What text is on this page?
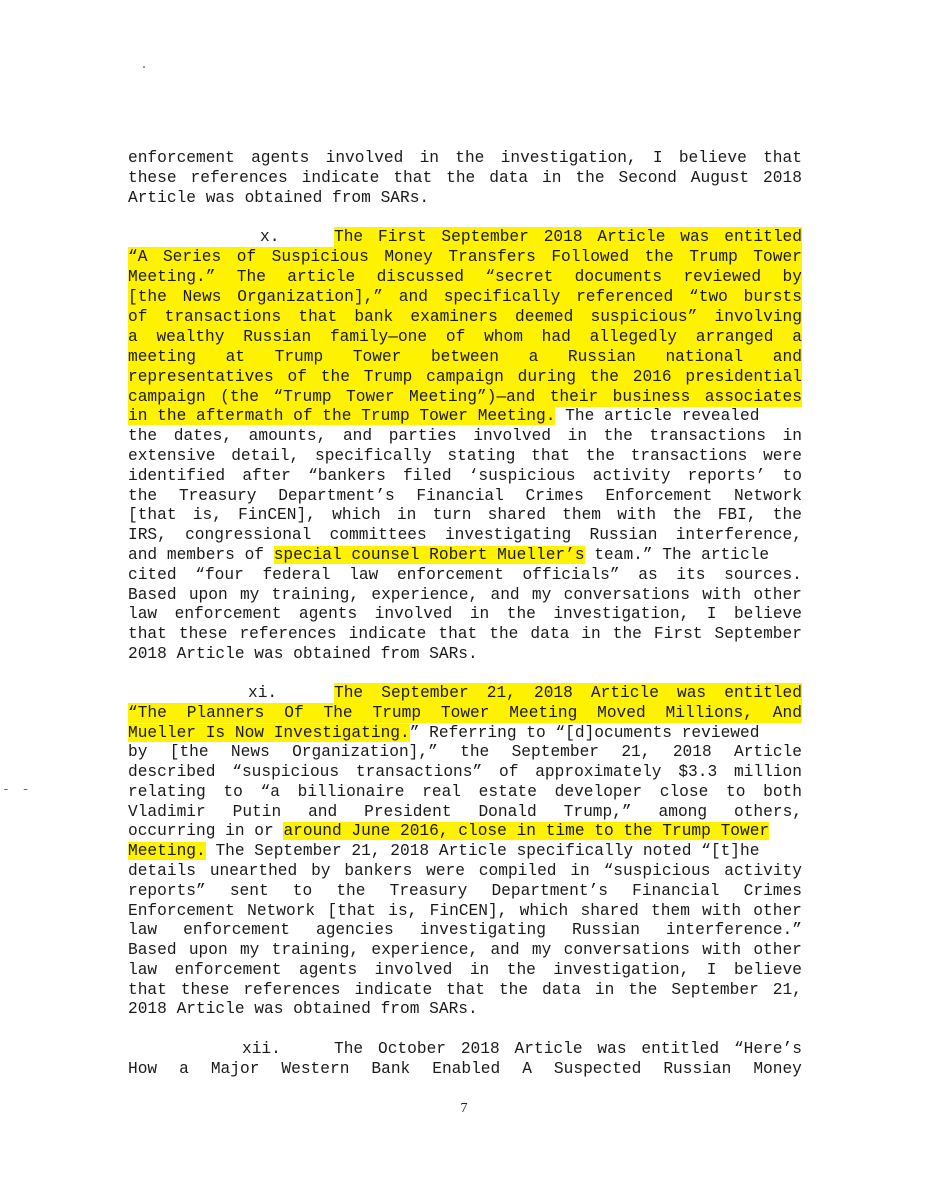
- -
enforcement agents involved in the investigation, I believe that
these references indicate that the data in the Second August 2018
Article was obtained from SARs.
x.	The First September 2018 Article was entitled
“A Series of Suspicious Money Transfers Followed the Trump Tower
Meeting.” The article discussed “secret documents reviewed by
[the News Organization],” and specifically referenced “two bursts
of transactions that bank examiners deemed suspicious” involving
a wealthy Russian family—one of whom had allegedly arranged a
meeting at Trump Tower between a Russian national and
representatives of the Trump campaign during the 2016 presidential
campaign (the “Trump Tower Meeting”)—and their business associates
in the aftermath of the Trump Tower Meeting. The article revealed
the dates, amounts, and parties involved in the transactions in
extensive detail, specifically stating that the transactions were
identified after “bankers filed ‘suspicious activity reports’ to
the Treasury Department’s Financial Crimes Enforcement Network
[that is, FinCEN], which in turn shared them with the FBI, the
IRS, congressional committees investigating Russian interference,
and members of special counsel Robert Mueller’s team.” The article
cited “four federal law enforcement officials” as its sources.
Based upon my training, experience, and my conversations with other
law enforcement agents involved in the investigation, I believe
that these references indicate that the data in the First September
2018 Article was obtained from SARs.
xi.	The September 21, 2018 Article was entitled
“The Planners Of The Trump Tower Meeting Moved Millions, And
Mueller Is Now Investigating.” Referring to “[d]ocuments reviewed
by [the News Organization],” the September 21, 2018 Article
described “suspicious transactions” of approximately $3.3 million
relating to “a billionaire real estate developer close to both
Vladimir Putin and President Donald Trump,” among others,
occurring in or around June 2016, close in time to the Trump Tower
Meeting. The September 21, 2018 Article specifically noted “[t]he
details unearthed by bankers were compiled in “suspicious activity
reports” sent to the Treasury Department’s Financial Crimes
Enforcement Network [that is, FinCEN], which shared them with other
law enforcement agencies investigating Russian interference.”
Based upon my training, experience, and my conversations with other
law enforcement agents involved in the investigation, I believe
that these references indicate that the data in the September 21,
2018 Article was obtained from SARs.
xii.	The October 2018 Article was entitled “Here’s
How a Major Western Bank Enabled A Suspected Russian Money
7
